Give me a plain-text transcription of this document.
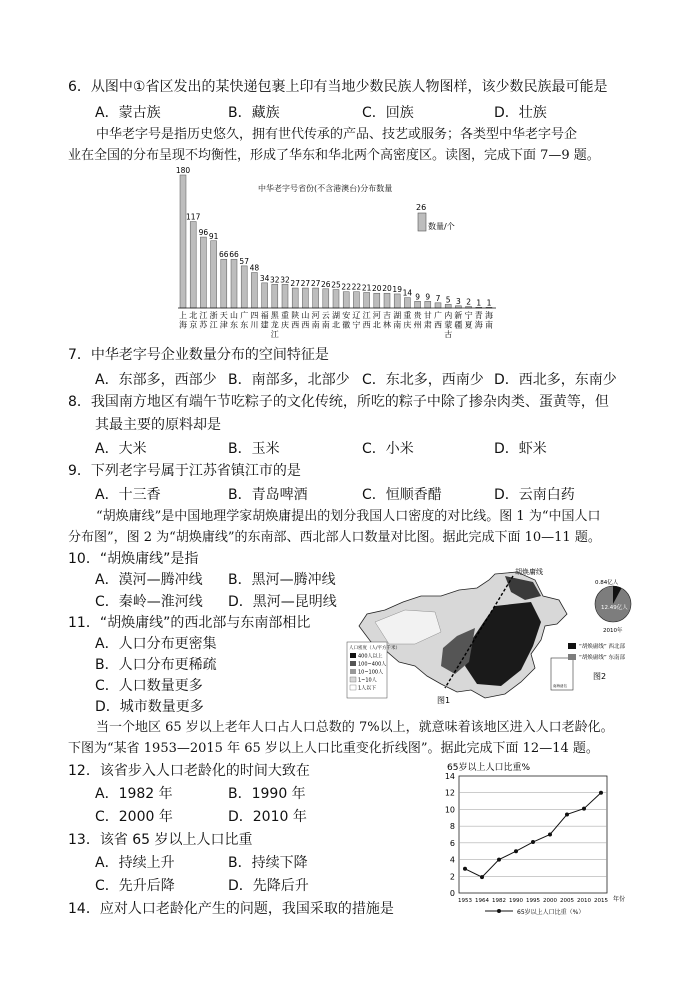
6．从图中①省区发出的某快递包裹上印有当地少数民族人物图样，该少数民族最可能是
A．蒙古族	B．藏族	C．回族	D．壮族
中华老字号是指历史悠久，拥有世代传承的产品、技艺或服务；各类型中华老字号企
业在全国的分布呈现不均衡性，形成了华东和华北两个高密度区。读图，完成下面 7—9 题。
中华老字号省份(不含港澳台)分布数量
180
上
海
117
北
京
96
江
苏
91
浙
江
66
天
津
66
山
东
57
广
东
48
四
川
34
福
建
32
黑
龙
江
32
重
庆
27
陕
西
27
山
西
27
河
南
26
云
南
25
湖
北
22
安
徽
22
辽
宁
21
江
西
20
河
北
20
吉
林
19
湖
南
14
重
庆
9
贵
州
9
甘
肃
7
广
西
5
内
蒙
古
3
新
疆
2
宁
夏
1
青
海
1
海
南
26
数量/个
7．中华老字号企业数量分布的空间特征是
A．东部多，西部少 B．南部多，北部少 C．东北多，西南少 D．西北多，东南少
8．我国南方地区有端午节吃粽子的文化传统，所吃的粽子中除了掺杂肉类、蛋黄等，但
其最主要的原料却是
A．大米	B．玉米	C．小米	D．虾米
9．下列老字号属于江苏省镇江市的是
A．十三香	B．青岛啤酒	C．恒顺香醋	D．云南白药
“胡焕庸线”是中国地理学家胡焕庸提出的划分我国人口密度的对比线。图 1 为“中国人口
分布图”，图 2 为“胡焕庸线”的东南部、西北部人口数量对比图。据此完成下面 10—11 题。
10．“胡焕庸线”是指
A．漠河—腾冲线 B．黑河—腾冲线
C．秦岭—淮河线 D．黑河—昆明线
11．“胡焕庸线”的西北部与东南部相比
A．人口分布更密集
B．人口分布更稀疏
C．人口数量更多
D．城市数量更多
胡焕庸线
人口密度（人/平方千米）
400人以上
100~400人
10~100人
1~10人
1人以下	南海诸岛
图1
0.84亿人
12.49亿人
2010年
“胡焕庸线” 西北部
“胡焕庸线” 东南部
图2
当一个地区 65 岁以上老年人口占人口总数的 7%以上，就意味着该地区进入人口老龄化。
下图为“某省 1953—2015 年 65 岁以上人口比重变化折线图”。据此完成下面 12—14 题。
12．该省步入人口老龄化的时间大致在
A．1982 年	B．1990 年
C．2000 年	D．2010 年
13．该省 65 岁以上人口比重
A．持续上升	B．持续下降
C．先升后降	D．先降后升
14．应对人口老龄化产生的问题，我国采取的措施是
65岁以上人口比重%
0
2
4
6
8
10
12
14
1953 1964 1982 1990 1995 2000 2005 2010 2015 年份
65岁以上人口比重（%）
